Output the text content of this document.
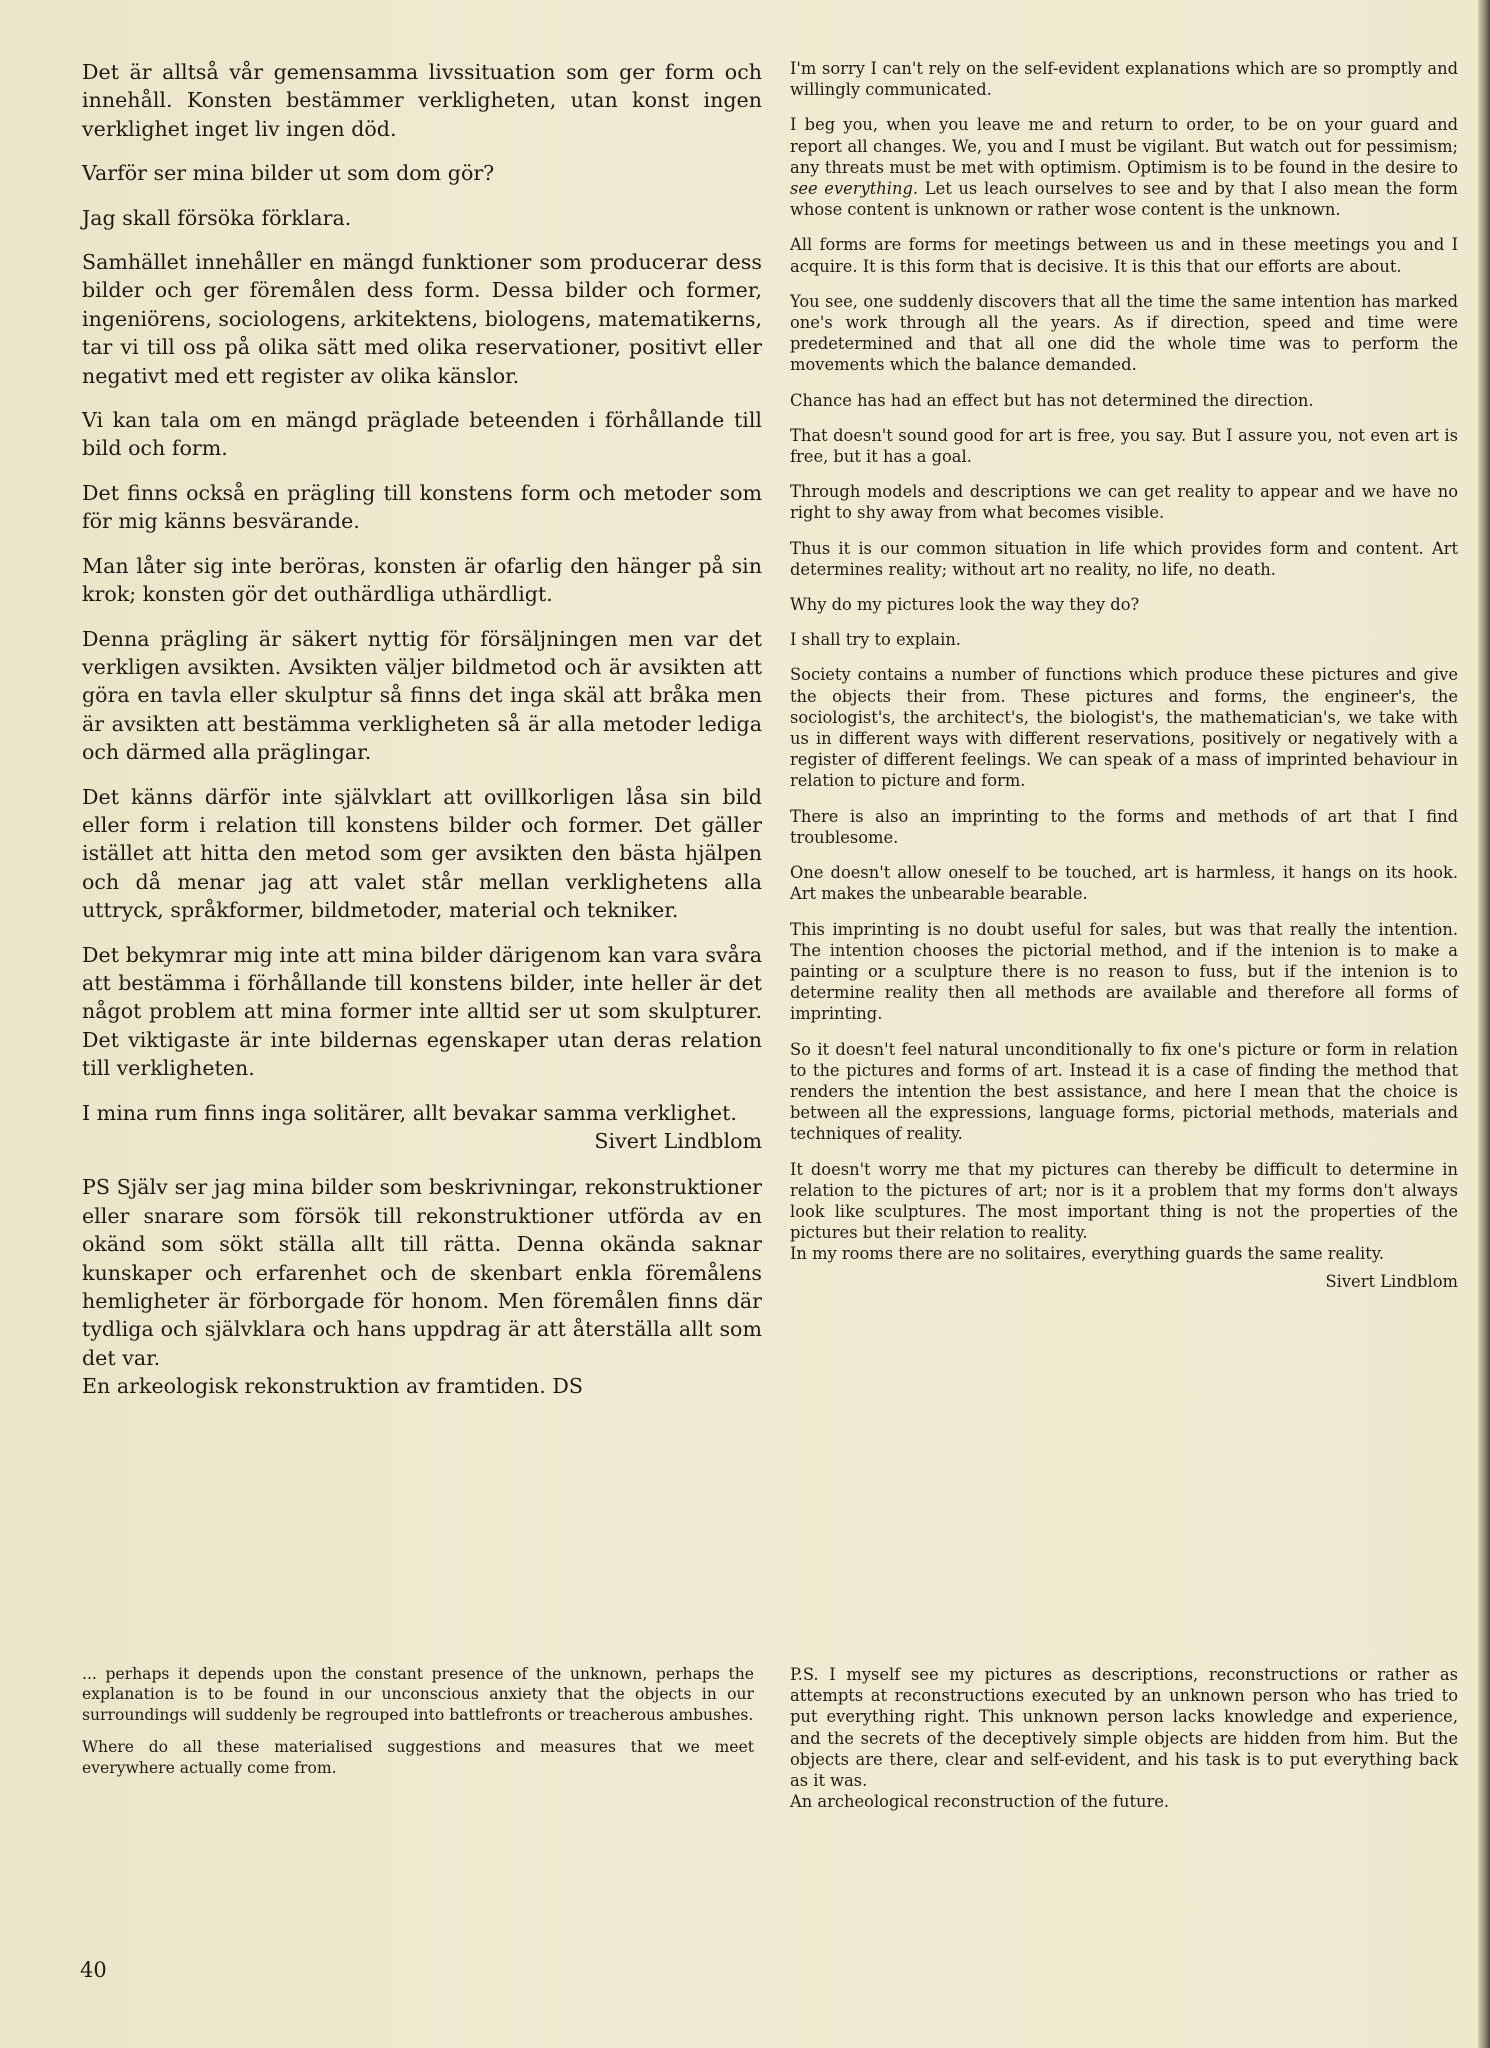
Det är alltså vår gemensamma livssituation som ger form och innehåll. Konsten bestämmer verkligheten, utan konst ingen verklighet inget liv ingen död.

Varför ser mina bilder ut som dom gör?

Jag skall försöka förklara.

Samhället innehåller en mängd funktioner som producerar dess bilder och ger föremålen dess form. Dessa bilder och former, ingeniörens, sociologens, arkitektens, biologens, matematikerns, tar vi till oss på olika sätt med olika reservationer, positivt eller negativt med ett register av olika känslor.

Vi kan tala om en mängd präglade beteenden i förhållande till bild och form.

Det finns också en prägling till konstens form och metoder som för mig känns besvärande.

Man låter sig inte beröras, konsten är ofarlig den hänger på sin krok; konsten gör det outhärdliga uthärdligt.

Denna prägling är säkert nyttig för försäljningen men var det verkligen avsikten. Avsikten väljer bildmetod och är avsikten att göra en tavla eller skulptur så finns det inga skäl att bråka men är avsikten att bestämma verkligheten så är alla metoder lediga och därmed alla präglingar.

Det känns därför inte självklart att ovillkorligen låsa sin bild eller form i relation till konstens bilder och former. Det gäller istället att hitta den metod som ger avsikten den bästa hjälpen och då menar jag att valet står mellan verklighetens alla uttryck, språkformer, bildmetoder, material och tekniker.

Det bekymrar mig inte att mina bilder därigenom kan vara svåra att bestämma i förhållande till konstens bilder, inte heller är det något problem att mina former inte alltid ser ut som skulpturer. Det viktigaste är inte bildernas egenskaper utan deras relation till verkligheten.

I mina rum finns inga solitärer, allt bevakar samma verklighet.

Sivert Lindblom

PS Själv ser jag mina bilder som beskrivningar, rekonstruktioner eller snarare som försök till rekonstruktioner utförda av en okänd som sökt ställa allt till rätta. Denna okända saknar kunskaper och erfarenhet och de skenbart enkla föremålens hemligheter är förborgade för honom. Men föremålen finns där tydliga och självklara och hans uppdrag är att återställa allt som det var.

En arkeologisk rekonstruktion av framtiden. DS

I'm sorry I can't rely on the self-evident explanations which are so promptly and willingly communicated.

I beg you, when you leave me and return to order, to be on your guard and report all changes. We, you and I must be vigilant. But watch out for pessimism; any threats must be met with optimism. Optimism is to be found in the desire to see everything. Let us leach ourselves to see and by that I also mean the form whose content is unknown or rather wose content is the unknown.

All forms are forms for meetings between us and in these meetings you and I acquire. It is this form that is decisive. It is this that our efforts are about.

You see, one suddenly discovers that all the time the same intention has marked one's work through all the years. As if direction, speed and time were predetermined and that all one did the whole time was to perform the movements which the balance demanded.

Chance has had an effect but has not determined the direction.

That doesn't sound good for art is free, you say. But I assure you, not even art is free, but it has a goal.

Through models and descriptions we can get reality to appear and we have no right to shy away from what becomes visible.

Thus it is our common situation in life which provides form and content. Art determines reality; without art no reality, no life, no death.

Why do my pictures look the way they do?

I shall try to explain.

Society contains a number of functions which produce these pictures and give the objects their from. These pictures and forms, the engineer's, the sociologist's, the architect's, the biologist's, the mathematician's, we take with us in different ways with different reservations, positively or negatively with a register of different feelings. We can speak of a mass of imprinted behaviour in relation to picture and form.

There is also an imprinting to the forms and methods of art that I find troublesome.

One doesn't allow oneself to be touched, art is harmless, it hangs on its hook. Art makes the unbearable bearable.

This imprinting is no doubt useful for sales, but was that really the intention. The intention chooses the pictorial method, and if the intenion is to make a painting or a sculpture there is no reason to fuss, but if the intenion is to determine reality then all methods are available and therefore all forms of imprinting.

So it doesn't feel natural unconditionally to fix one's picture or form in relation to the pictures and forms of art. Instead it is a case of finding the method that renders the intention the best assistance, and here I mean that the choice is between all the expressions, language forms, pictorial methods, materials and techniques of reality.

It doesn't worry me that my pictures can thereby be difficult to determine in relation to the pictures of art; nor is it a problem that my forms don't always look like sculptures. The most important thing is not the properties of the pictures but their relation to reality.

In my rooms there are no solitaires, everything guards the same reality.

Sivert Lindblom

... perhaps it depends upon the constant presence of the unknown, perhaps the explanation is to be found in our unconscious anxiety that the objects in our surroundings will suddenly be regrouped into battlefronts or treacherous ambushes.

Where do all these materialised suggestions and measures that we meet everywhere actually come from.

P.S. I myself see my pictures as descriptions, reconstructions or rather as attempts at reconstructions executed by an unknown person who has tried to put everything right. This unknown person lacks knowledge and experience, and the secrets of the deceptively simple objects are hidden from him. But the objects are there, clear and self-evident, and his task is to put everything back as it was.

An archeological reconstruction of the future.

40
